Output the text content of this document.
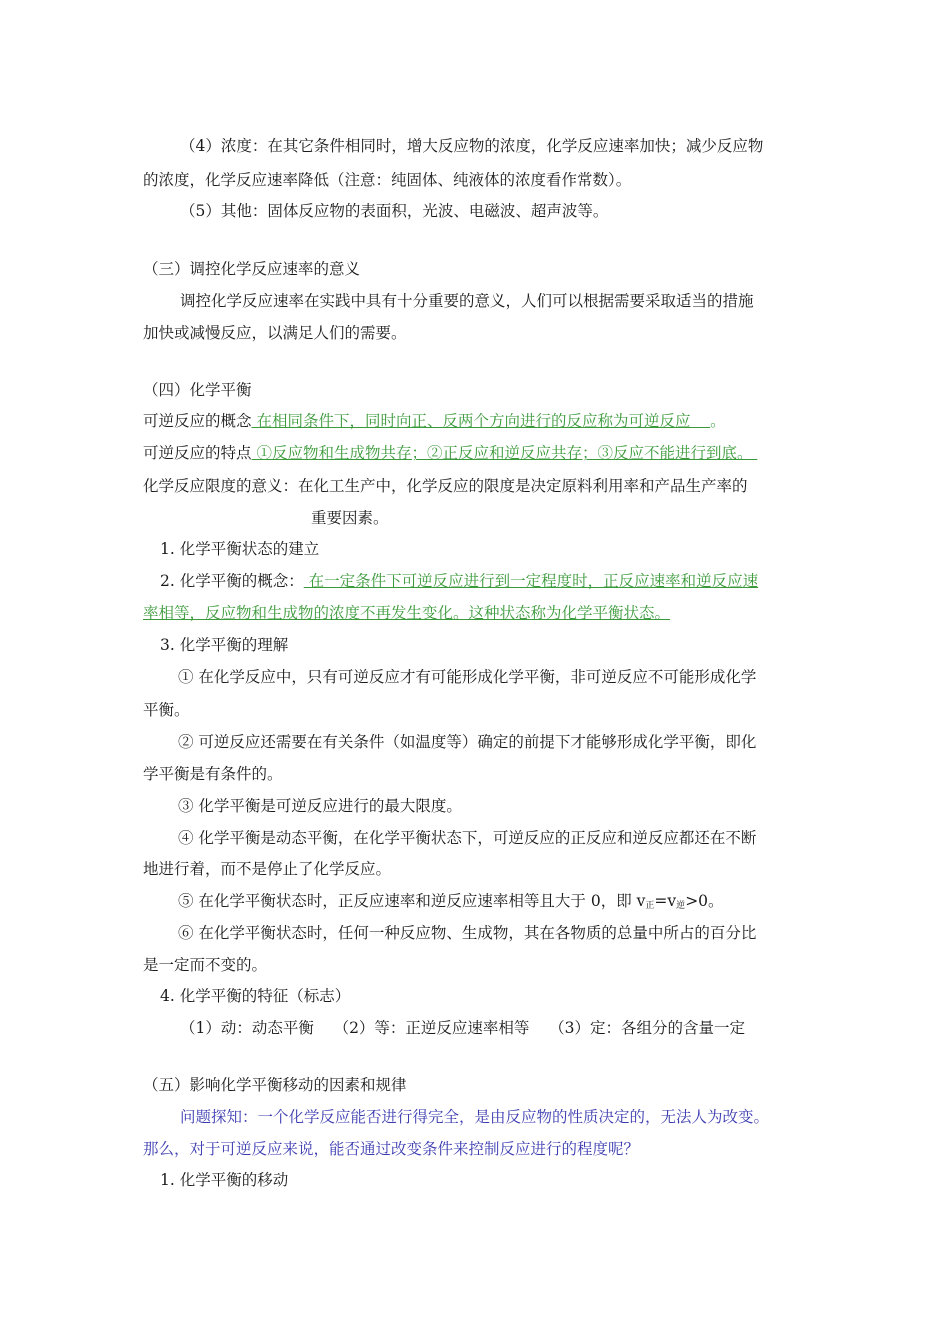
（4）浓度：在其它条件相同时，增大反应物的浓度，化学反应速率加快；减少反应物
的浓度，化学反应速率降低（注意：纯固体、纯液体的浓度看作常数）。
（5）其他：固体反应物的表面积，光波、电磁波、超声波等。
（三）调控化学反应速率的意义
调控化学反应速率在实践中具有十分重要的意义，人们可以根据需要采取适当的措施
加快或减慢反应，以满足人们的需要。
（四）化学平衡
可逆反应的概念 在相同条件下，同时向正、反两个方向进行的反应称为可逆反应    。
可逆反应的特点 ①反应物和生成物共存；②正反应和逆反应共存；③反应不能进行到底。
化学反应限度的意义：在化工生产中，化学反应的限度是决定原料利用率和产品生产率的
重要因素。
1. 化学平衡状态的建立
2. 化学平衡的概念： 在一定条件下可逆反应进行到一定程度时，正反应速率和逆反应速
率相等，反应物和生成物的浓度不再发生变化。这种状态称为化学平衡状态。
3. 化学平衡的理解
① 在化学反应中，只有可逆反应才有可能形成化学平衡，非可逆反应不可能形成化学
平衡。
② 可逆反应还需要在有关条件（如温度等）确定的前提下才能够形成化学平衡，即化
学平衡是有条件的。
③ 化学平衡是可逆反应进行的最大限度。
④ 化学平衡是动态平衡，在化学平衡状态下，可逆反应的正反应和逆反应都还在不断
地进行着，而不是停止了化学反应。
⑤ 在化学平衡状态时，正反应速率和逆反应速率相等且大于 0，即 $v_正=v_逆>0$。
⑥ 在化学平衡状态时，任何一种反应物、生成物，其在各物质的总量中所占的百分比
是一定而不变的。
4. 化学平衡的特征（标志）
（1）动：动态平衡    （2）等：正逆反应速率相等    （3）定：各组分的含量一定
（五）影响化学平衡移动的因素和规律
问题探知：一个化学反应能否进行得完全，是由反应物的性质决定的，无法人为改变。
那么，对于可逆反应来说，能否通过改变条件来控制反应进行的程度呢？
1. 化学平衡的移动
